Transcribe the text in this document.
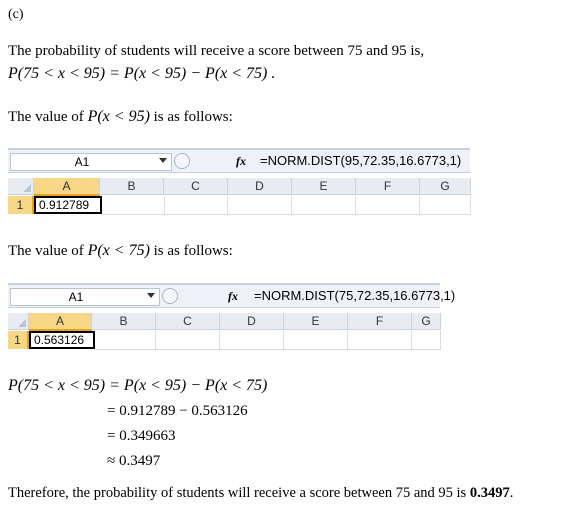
(c)
The probability of students will receive a score between 75 and 95 is,
P(75 < x < 95) = P(x < 95) − P(x < 75) .
The value of P(x < 95) is as follows:
A1	fx =NORM.DIST(95,72.35,16.6773,1)
A	B	C	D	E	F	G
1	0.912789
The value of P(x < 75) is as follows:
A1	fx =NORM.DIST(75,72.35,16.6773,1)
A	B	C	D	E	F	G
1	0.563126
P(75 < x < 95) = P(x < 95) − P(x < 75)
= 0.912789 − 0.563126
= 0.349663
≈ 0.3497
Therefore, the probability of students will receive a score between 75 and 95 is 0.3497.
